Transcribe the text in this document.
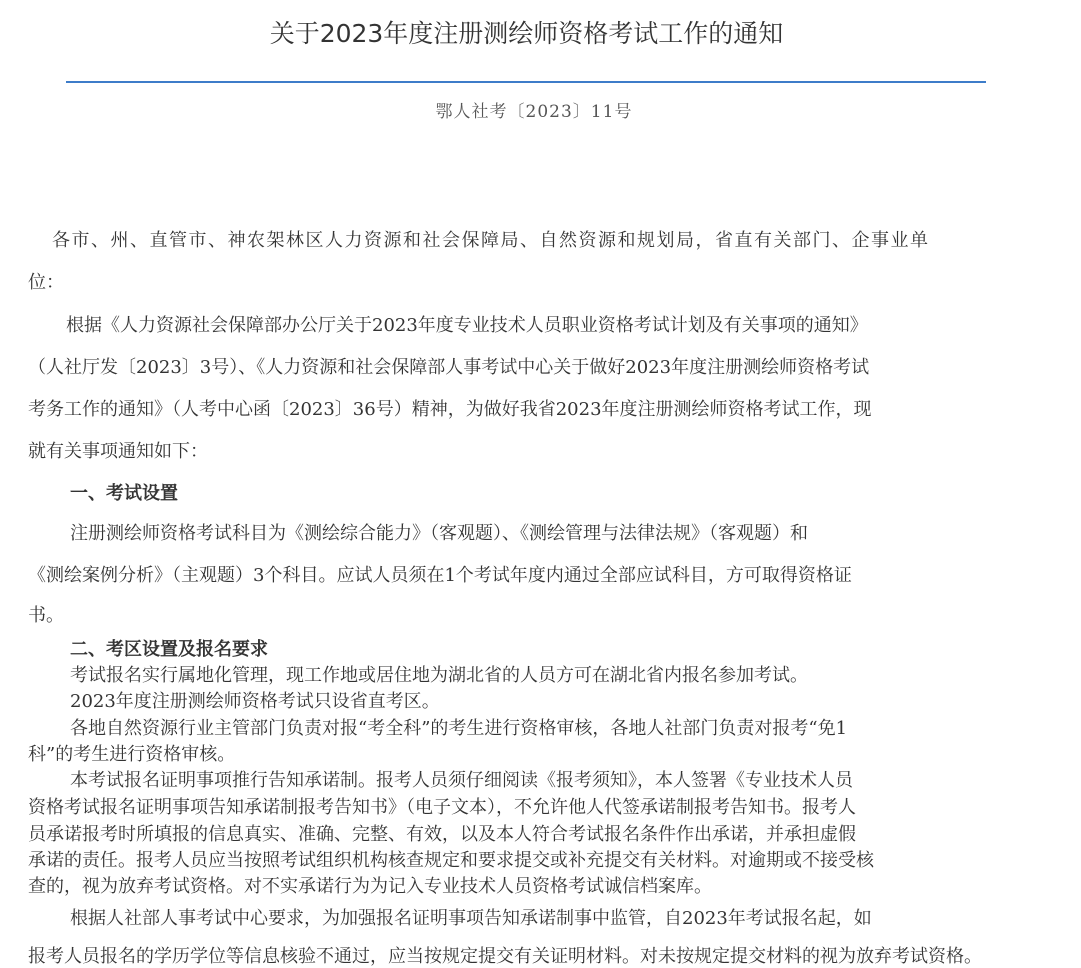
关于2023年度注册测绘师资格考试工作的通知
鄂人社考〔2023〕11号

各市、州、直管市、神农架林区人力资源和社会保障局、自然资源和规划局，省直有关部门、企事业单

位：

根据《人力资源社会保障部办公厅关于2023年度专业技术人员职业资格考试计划及有关事项的通知》

（人社厅发〔2023〕3号）、《人力资源和社会保障部人事考试中心关于做好2023年度注册测绘师资格考试

考务工作的通知》（人考中心函〔2023〕36号）精神，为做好我省2023年度注册测绘师资格考试工作，现

就有关事项通知如下：

一、考试设置

注册测绘师资格考试科目为《测绘综合能力》（客观题）、《测绘管理与法律法规》（客观题）和

《测绘案例分析》（主观题）3个科目。应试人员须在1个考试年度内通过全部应试科目，方可取得资格证

书。

二、考区设置及报名要求

考试报名实行属地化管理，现工作地或居住地为湖北省的人员方可在湖北省内报名参加考试。

2023年度注册测绘师资格考试只设省直考区。

各地自然资源行业主管部门负责对报“考全科”的考生进行资格审核，各地人社部门负责对报考“免1

科”的考生进行资格审核。

本考试报名证明事项推行告知承诺制。报考人员须仔细阅读《报考须知》，本人签署《专业技术人员

资格考试报名证明事项告知承诺制报考告知书》（电子文本），不允许他人代签承诺制报考告知书。报考人

员承诺报考时所填报的信息真实、准确、完整、有效，以及本人符合考试报名条件作出承诺，并承担虚假

承诺的责任。报考人员应当按照考试组织机构核查规定和要求提交或补充提交有关材料。对逾期或不接受核

查的，视为放弃考试资格。对不实承诺行为为记入专业技术人员资格考试诚信档案库。

根据人社部人事考试中心要求，为加强报名证明事项告知承诺制事中监管，自2023年考试报名起，如

报考人员报名的学历学位等信息核验不通过，应当按规定提交有关证明材料。对未按规定提交材料的视为放弃考试资格。
